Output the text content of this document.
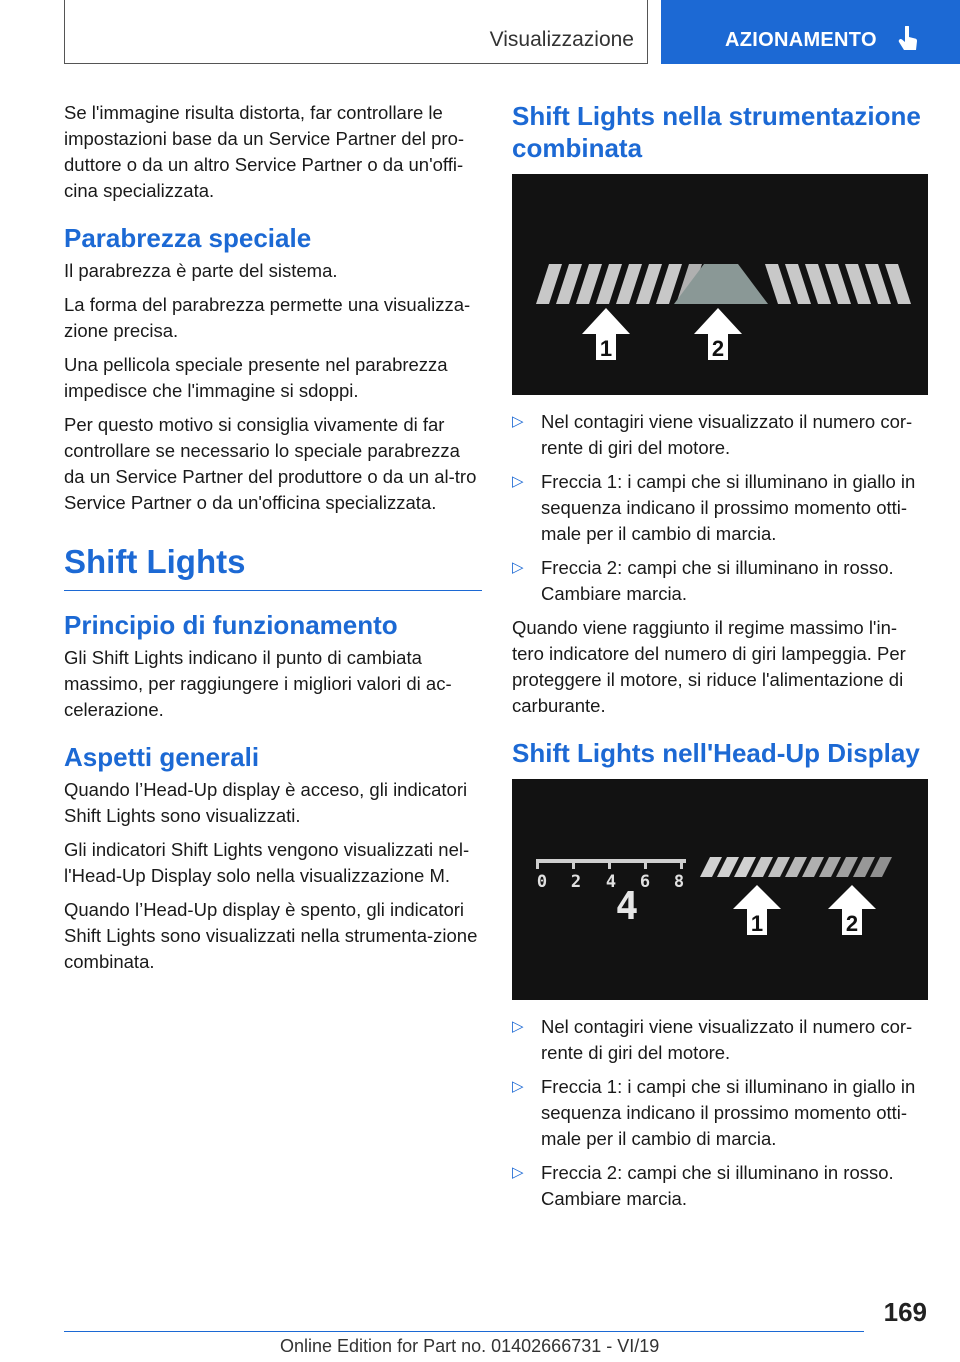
Visualizzazione	AZIONAMENTO

Se l'immagine risulta distorta, far controllare le impostazioni base da un Service Partner del pro-duttore o da un altro Service Partner o da un'offi-cina specializzata.

Parabrezza speciale

Il parabrezza è parte del sistema.

La forma del parabrezza permette una visualizza-zione precisa.

Una pellicola speciale presente nel parabrezza impedisce che l'immagine si sdoppi.

Per questo motivo si consiglia vivamente di far controllare se necessario lo speciale parabrezza da un Service Partner del produttore o da un al-tro Service Partner o da un'officina specializzata.

Shift Lights
Principio di funzionamento

Gli Shift Lights indicano il punto di cambiata massimo, per raggiungere i migliori valori di ac-celerazione.

Aspetti generali

Quando l’Head-Up display è acceso, gli indicatori Shift Lights sono visualizzati.

Gli indicatori Shift Lights vengono visualizzati nel-l'Head-Up Display solo nella visualizzazione M.

Quando l’Head-Up display è spento, gli indicatori Shift Lights sono visualizzati nella strumenta-zione combinata.

Shift Lights nella strumentazione combinata
1	2
▷ Nel contagiri viene visualizzato il numero cor-rente di giri del motore.
▷ Freccia 1: i campi che si illuminano in giallo in sequenza indicano il prossimo momento otti-male per il cambio di marcia.
▷ Freccia 2: campi che si illuminano in rosso. Cambiare marcia.

Quando viene raggiunto il regime massimo l'in-tero indicatore del numero di giri lampeggia. Per proteggere il motore, si riduce l'alimentazione di carburante.

Shift Lights nell'Head-Up Display
0 2 4 6 8
4	1	2
▷ Nel contagiri viene visualizzato il numero cor-rente di giri del motore.
▷ Freccia 1: i campi che si illuminano in giallo in sequenza indicano il prossimo momento otti-male per il cambio di marcia.
▷ Freccia 2: campi che si illuminano in rosso. Cambiare marcia.
169
Online Edition for Part no. 01402666731 - VI/19
